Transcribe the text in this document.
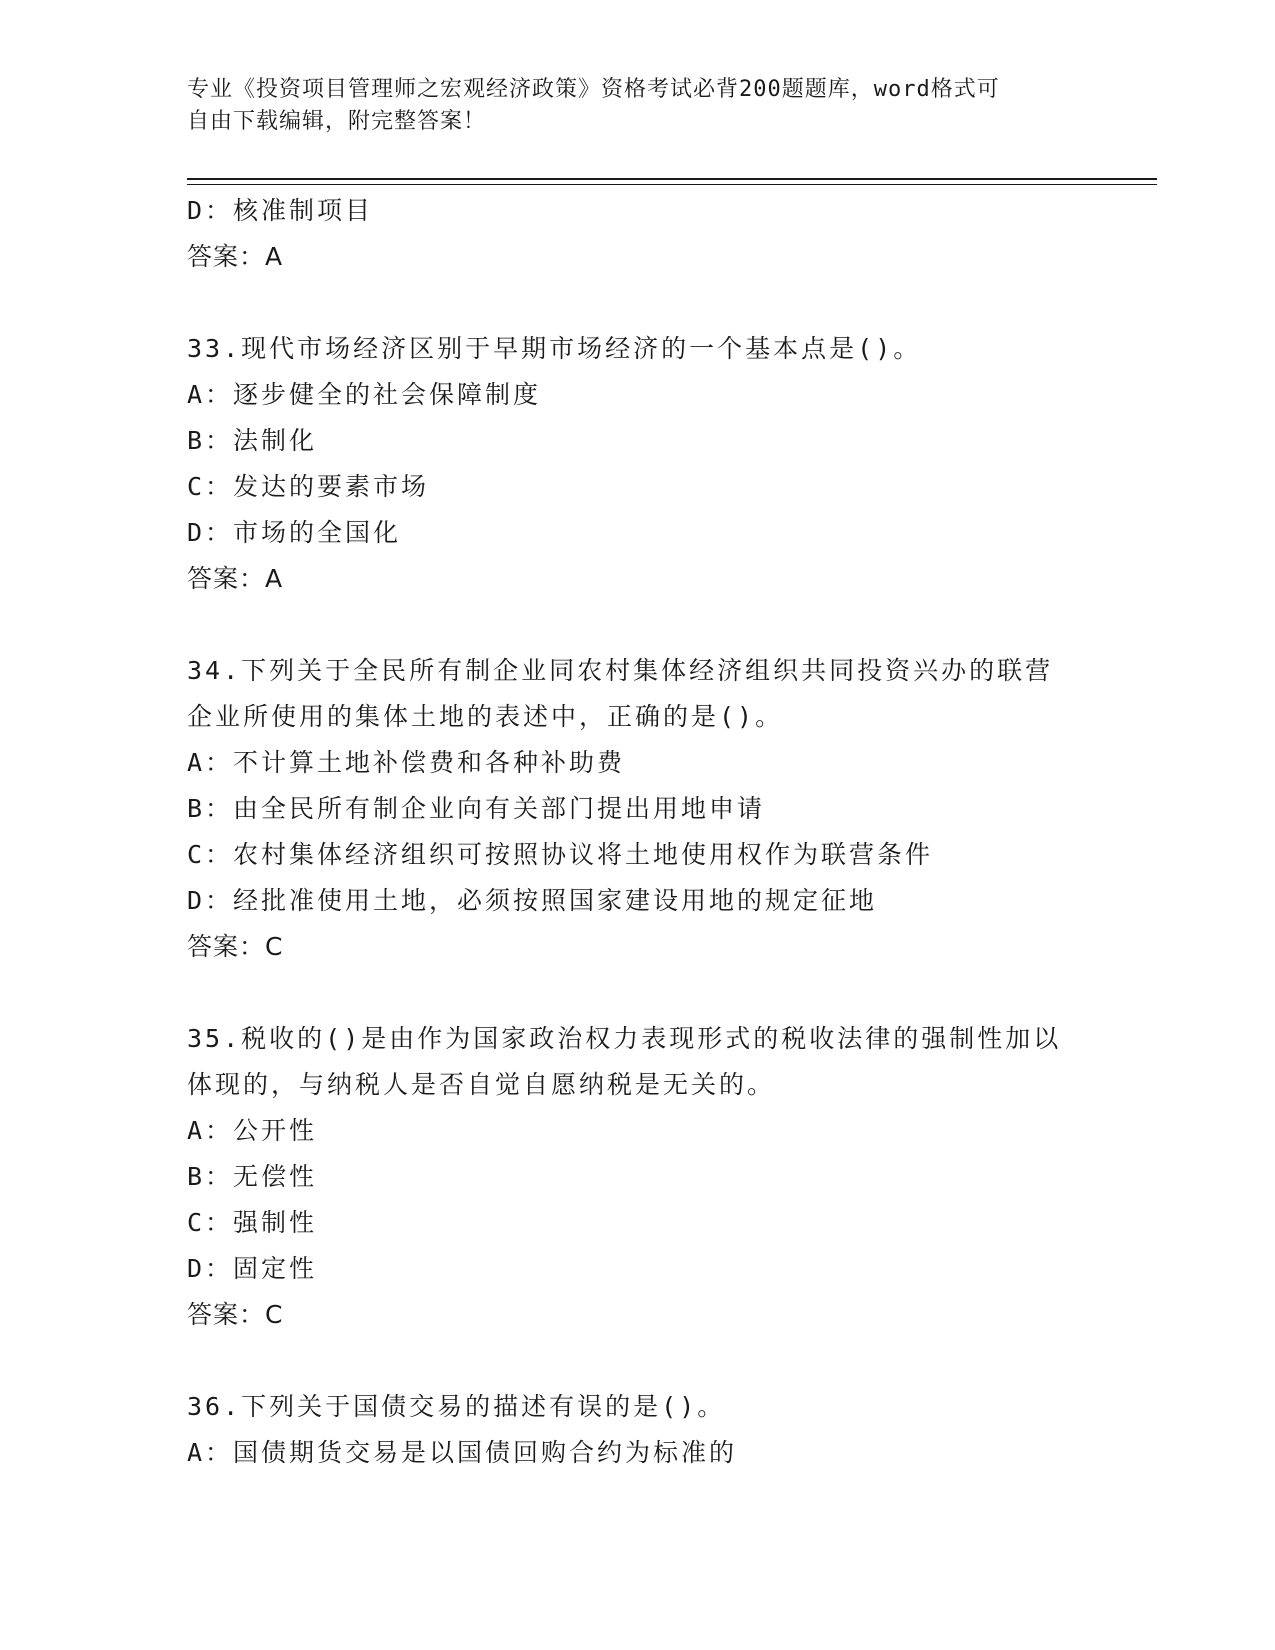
专业《投资项目管理师之宏观经济政策》资格考试必背200题题库，word格式可
自由下载编辑，附完整答案！
D：核准制项目
答案：A
33.现代市场经济区别于早期市场经济的一个基本点是()。
A：逐步健全的社会保障制度
B：法制化
C：发达的要素市场
D：市场的全国化
答案：A
34.下列关于全民所有制企业同农村集体经济组织共同投资兴办的联营
企业所使用的集体土地的表述中，正确的是()。
A：不计算土地补偿费和各种补助费
B：由全民所有制企业向有关部门提出用地申请
C：农村集体经济组织可按照协议将土地使用权作为联营条件
D：经批准使用土地，必须按照国家建设用地的规定征地
答案：C
35.税收的()是由作为国家政治权力表现形式的税收法律的强制性加以
体现的，与纳税人是否自觉自愿纳税是无关的。
A：公开性
B：无偿性
C：强制性
D：固定性
答案：C
36.下列关于国债交易的描述有误的是()。
A：国债期货交易是以国债回购合约为标准的
